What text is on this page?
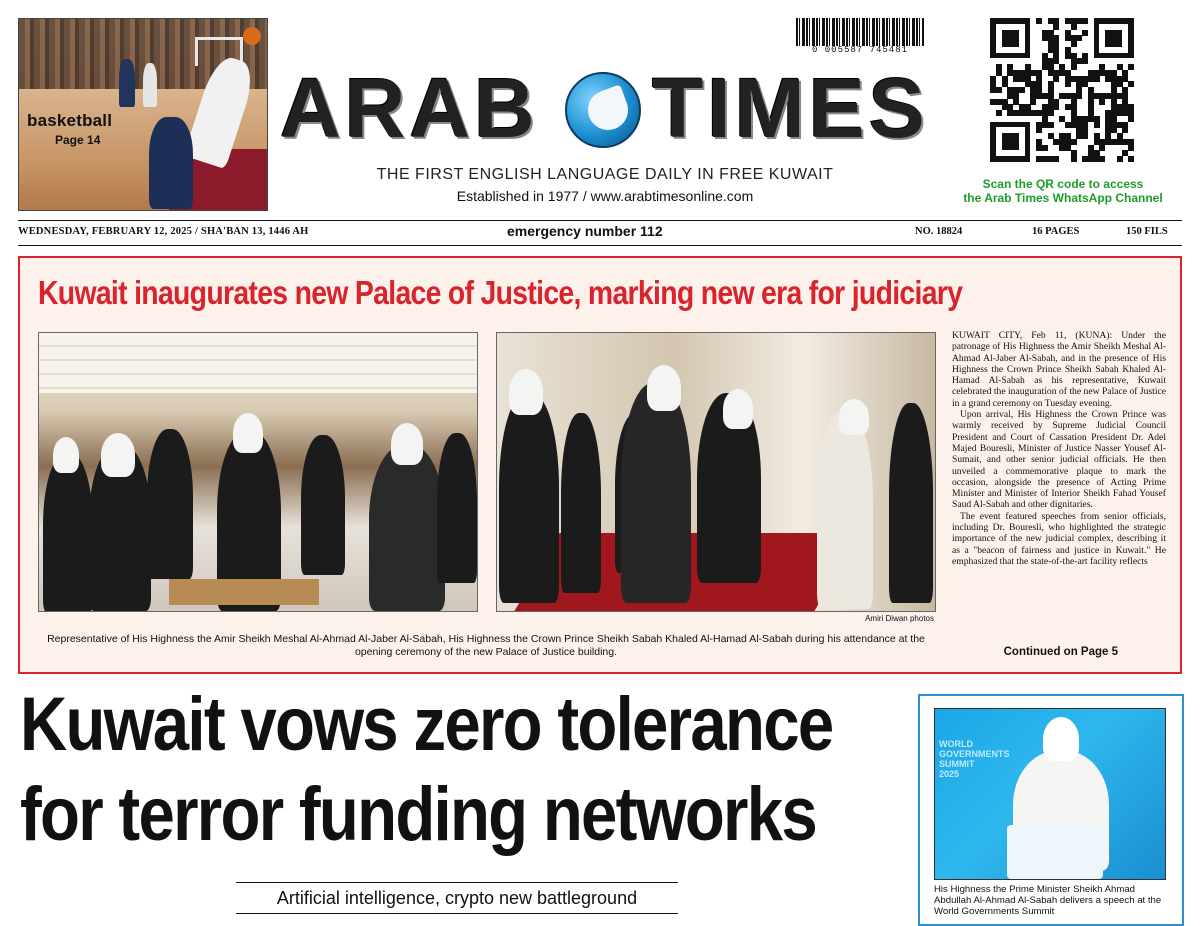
basketball
Page 14
0 005587 745481
ARAB TIMES
THE FIRST ENGLISH LANGUAGE DAILY IN FREE KUWAIT
Established in 1977 / www.arabtimesonline.com
Scan the QR code to access
the Arab Times WhatsApp Channel
WEDNESDAY, FEBRUARY 12, 2025 / SHA'BAN 13, 1446 AH	emergency number 112	NO. 18824	16 PAGES	150 FILS
Kuwait inaugurates new Palace of Justice, marking new era for judiciary
Amiri Diwan photos
Representative of His Highness the Amir Sheikh Meshal Al-Ahmad Al-Jaber Al-Sabah, His Highness the Crown Prince Sheikh Sabah Khaled Al-Hamad Al-Sabah during his attendance at the opening ceremony of the new Palace of Justice building.

KUWAIT CITY, Feb 11, (KUNA): Under the patronage of His Highness the Amir Sheikh Meshal Al-Ahmad Al-Jaber Al-Sabah, and in the presence of His Highness the Crown Prince Sheikh Sabah Khaled Al-Hamad Al-Sabah as his representative, Kuwait celebrated the inauguration of the new Palace of Justice in a grand ceremony on Tuesday evening.

Upon arrival, His Highness the Crown Prince was warmly received by Supreme Judicial Council President and Court of Cassation President Dr. Adel Majed Bouresli, Minister of Justice Nasser Yousef Al-Sumait, and other senior judicial officials. He then unveiled a commemorative plaque to mark the occasion, alongside the presence of Acting Prime Minister and Minister of Interior Sheikh Fahad Yousef Saud Al-Sabah and other dignitaries.

The event featured speeches from senior officials, including Dr. Bouresli, who highlighted the strategic importance of the new judicial complex, describing it as a "beacon of fairness and justice in Kuwait." He emphasized that the state-of-the-art facility reflects

Continued on Page 5
Kuwait vows zero tolerance
for terror funding networks
Artificial intelligence, crypto new battleground
WORLD
GOVERNMENTS
SUMMIT
2025
His Highness the Prime Minister Sheikh Ahmad Abdullah Al-Ahmad Al-Sabah delivers a speech at the World Governments Summit
